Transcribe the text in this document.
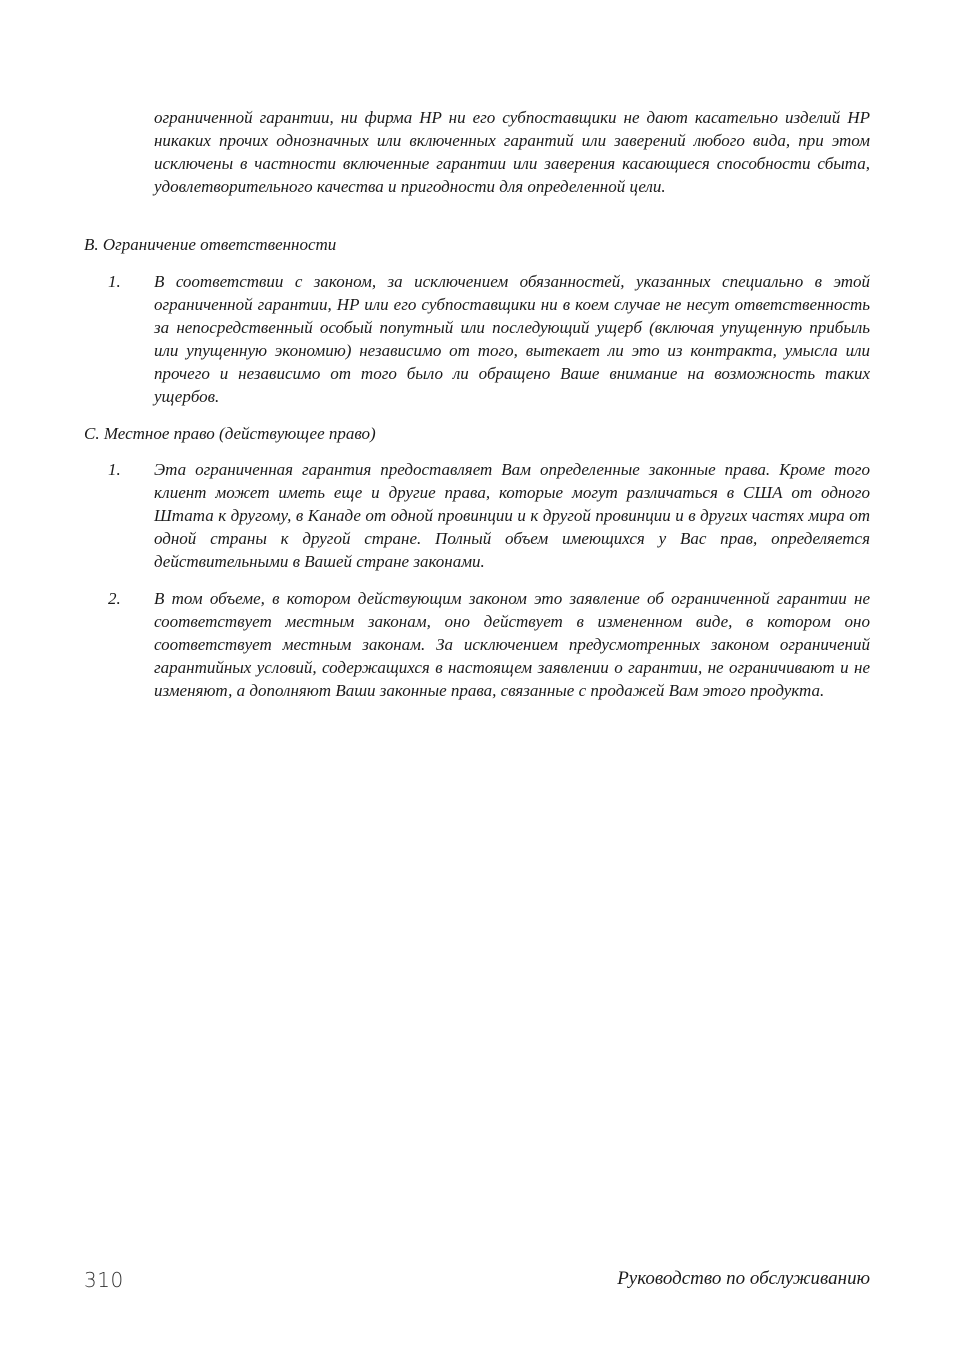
ограниченной гарантии, ни фирма HP ни его субпоставщики не дают касательно изделий HP никаких прочих однозначных или включенных гарантий или заверений любого вида, при этом исключены в частности включенные гарантии или заверения касающиеся способности сбыта, удовлетворительного качества и пригодности для определенной цели.

B. Ограничение ответственности

1. В соответствии с законом, за исключением обязанностей, указанных специально в этой ограниченной гарантии, HP или его субпоставщики ни в коем случае не несут ответственность за непосредственный особый попутный или последующий ущерб (включая упущенную прибыль или упущенную экономию) независимо от того, вытекает ли это из контракта, умысла или прочего и независимо от того было ли обращено Ваше внимание на возможность таких ущербов.

C. Местное право (действующее право)

1. Эта ограниченная гарантия предоставляет Вам определенные законные права. Кроме того клиент может иметь еще и другие права, которые могут различаться в США от одного Штата к другому, в Канаде от одной провинции и к другой провинции и в других частях мира от одной страны к другой стране. Полный объем имеющихся у Вас прав, определяется действительными в Вашей стране законами.

2. В том объеме, в котором действующим законом это заявление об ограниченной гарантии не соответствует местным законам, оно действует в измененном виде, в котором оно соответствует местным законам. За исключением предусмотренных законом ограничений гарантийных условий, содержащихся в настоящем заявлении о гарантии, не ограничивают и не изменяют, а дополняют Ваши законные права, связанные с продажей Вам этого продукта.

310	Руководство по обслуживанию
